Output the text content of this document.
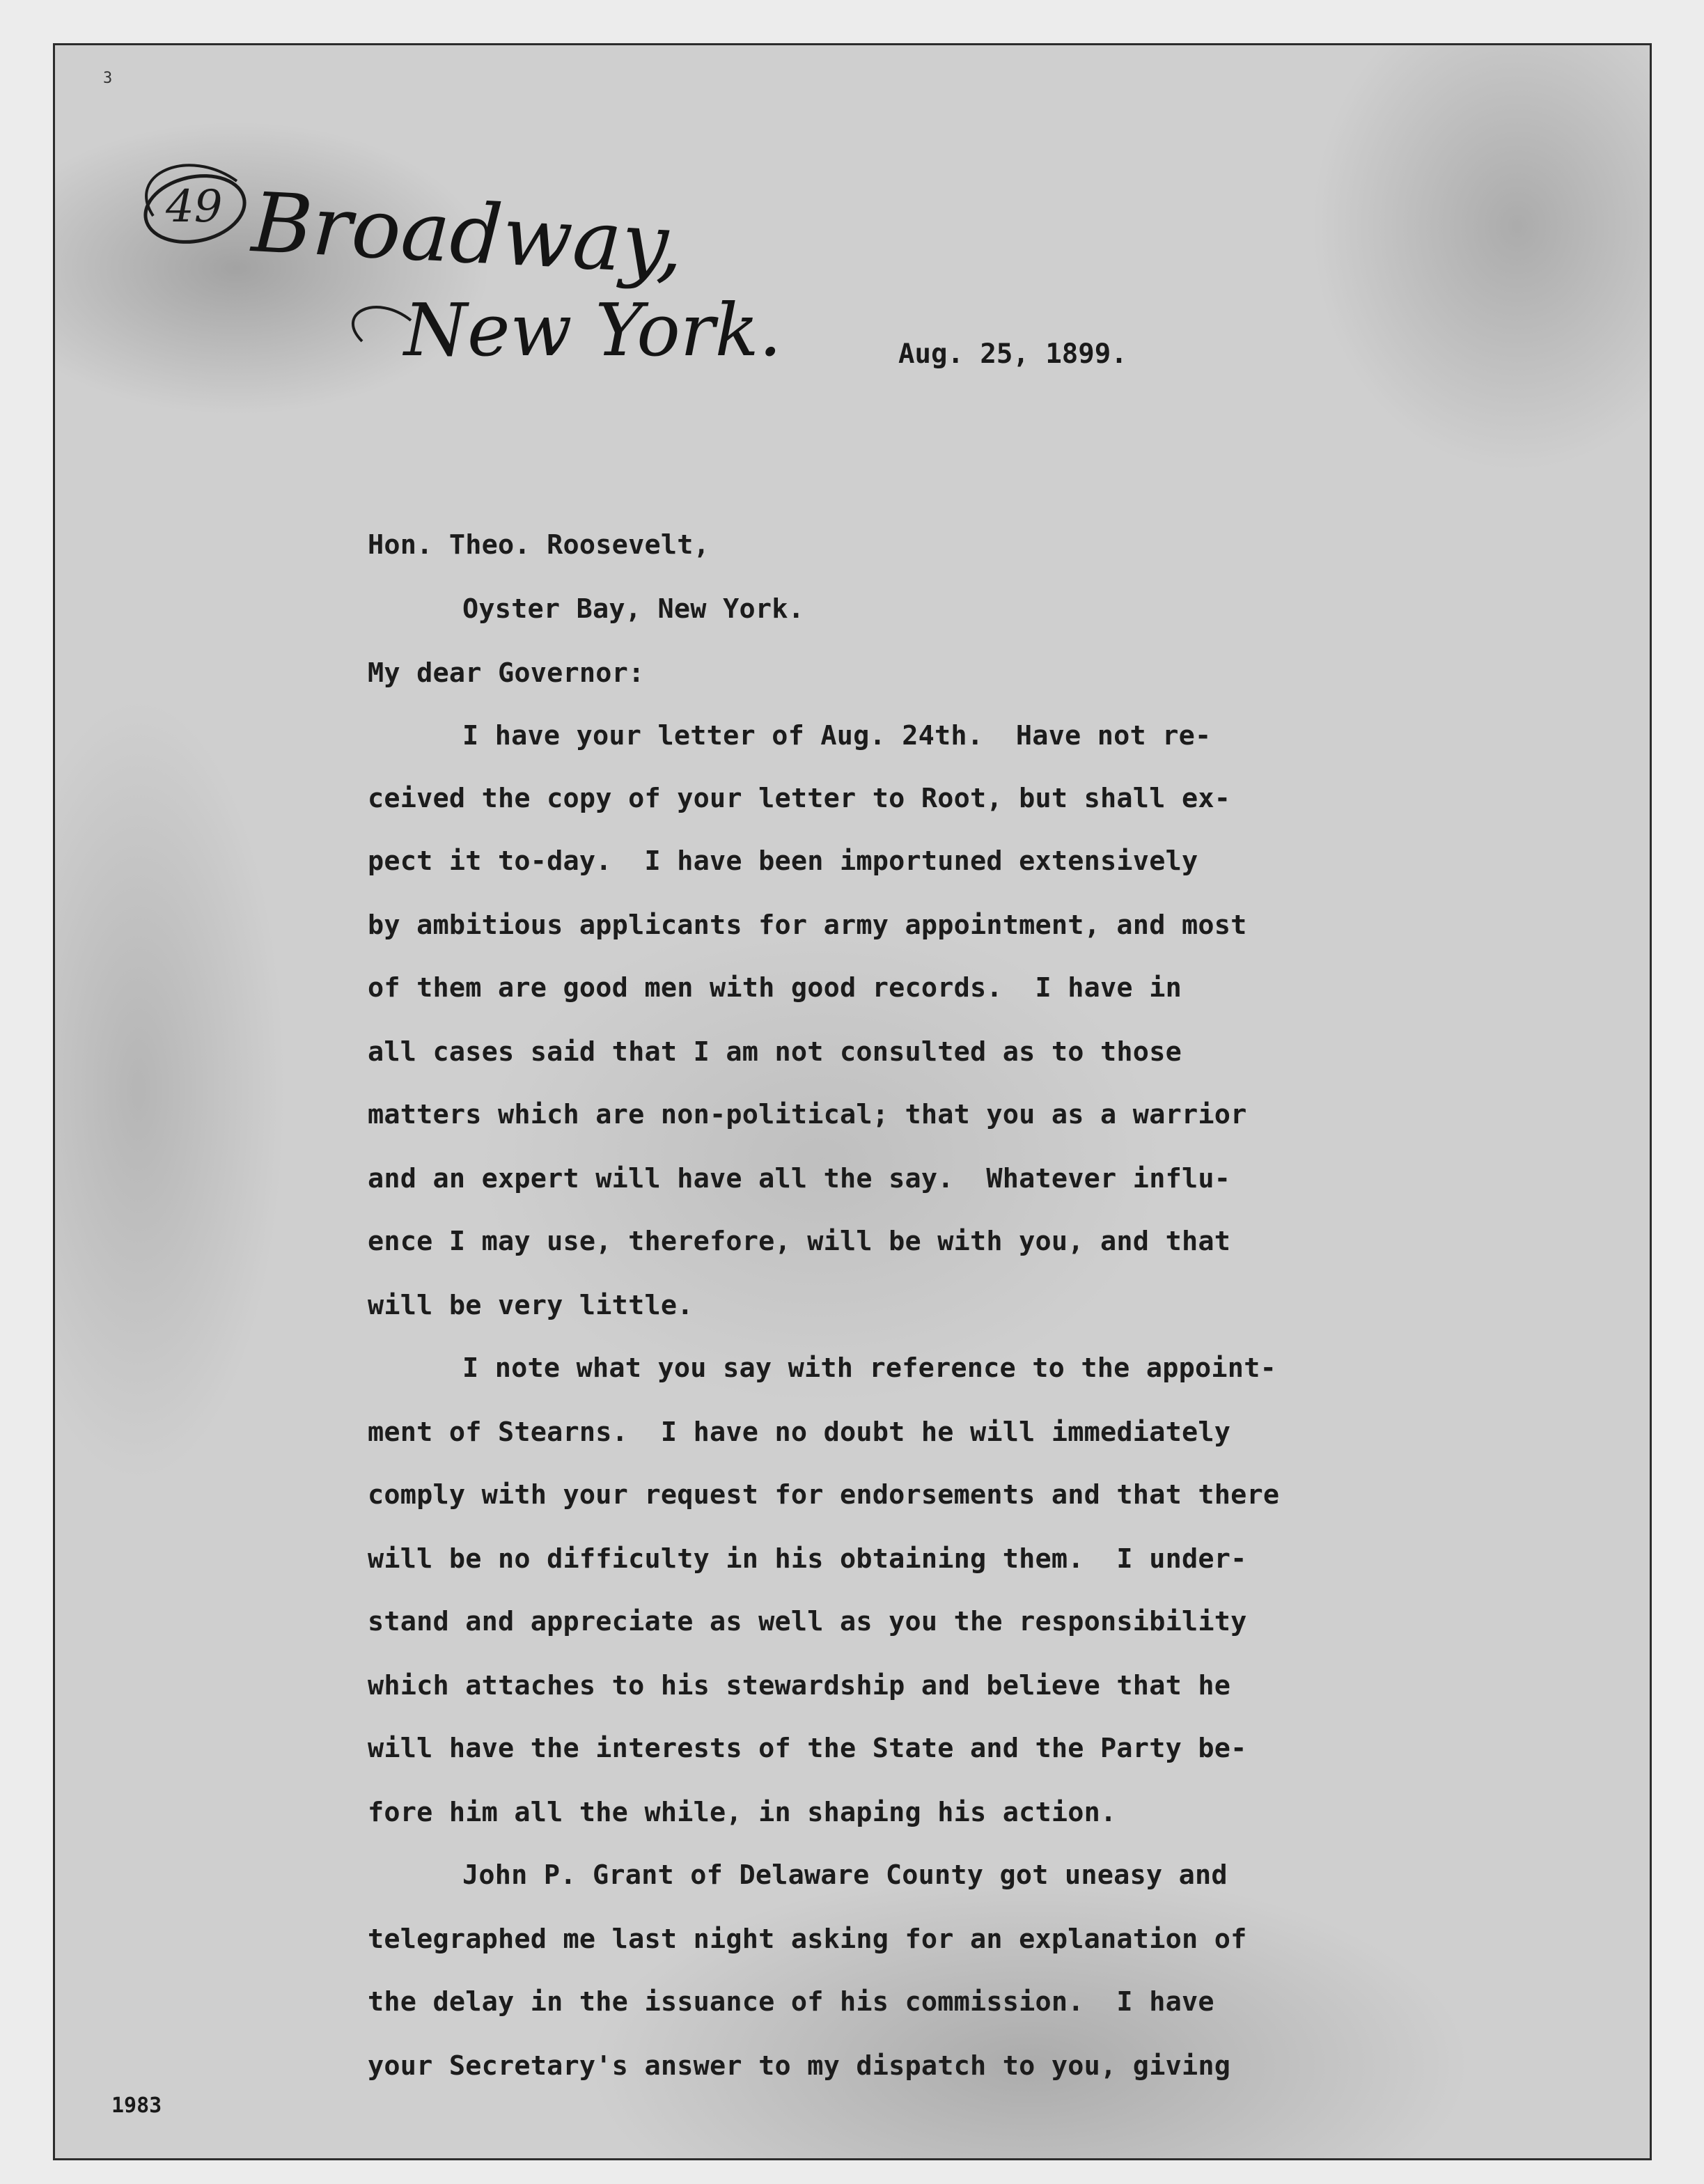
3
49 Broadway,
New York.	Aug. 25, 1899.
Hon. Theo. Roosevelt,
Oyster Bay, New York.
My dear Governor:
I have your letter of Aug. 24th.  Have not re-
ceived the copy of your letter to Root, but shall ex-
pect it to-day.  I have been importuned extensively
by ambitious applicants for army appointment, and most
of them are good men with good records.  I have in
all cases said that I am not consulted as to those
matters which are non-political; that you as a warrior
and an expert will have all the say.  Whatever influ-
ence I may use, therefore, will be with you, and that
will be very little.
I note what you say with reference to the appoint-
ment of Stearns.  I have no doubt he will immediately
comply with your request for endorsements and that there
will be no difficulty in his obtaining them.  I under-
stand and appreciate as well as you the responsibility
which attaches to his stewardship and believe that he
will have the interests of the State and the Party be-
fore him all the while, in shaping his action.
John P. Grant of Delaware County got uneasy and
telegraphed me last night asking for an explanation of
the delay in the issuance of his commission.  I have
your Secretary's answer to my dispatch to you, giving
1983
